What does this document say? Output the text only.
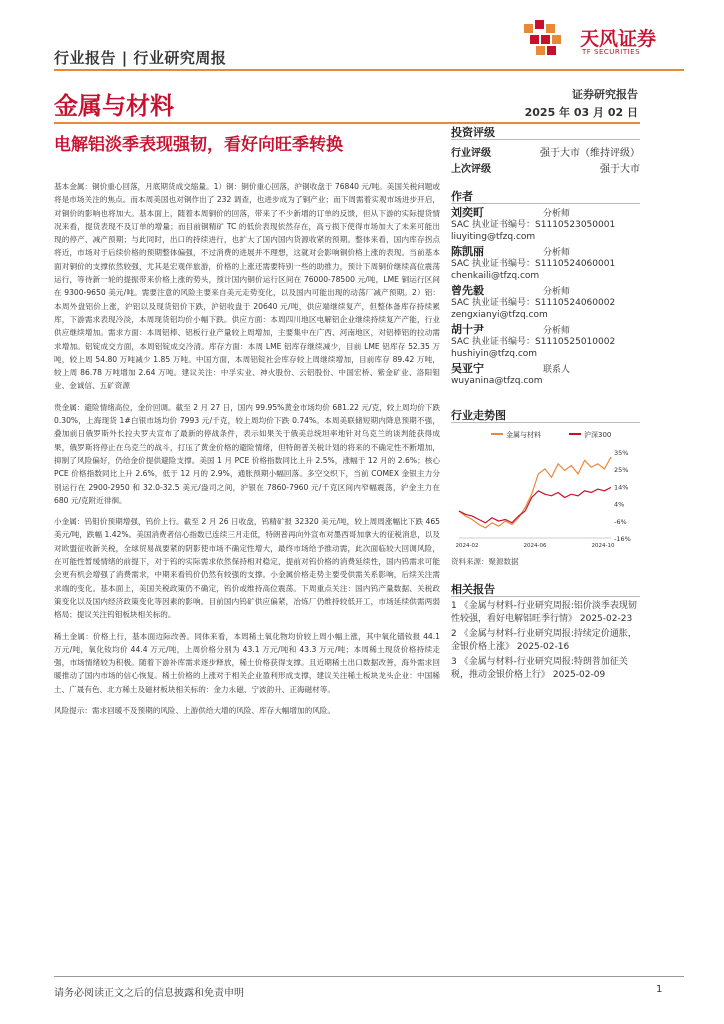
行业报告 | 行业研究周报
天风证券
TF SECURITIES
金属与材料	证券研究报告
2025 年 03 月 02 日
电解铝淡季表现强韧，看好向旺季转换
投资评级
行业评级	强于大市（维持评级）
上次评级	强于大市
作者
刘奕町	分析师
SAC 执业证书编号：S1110523050001
liuyiting@tfzq.com
陈凯丽	分析师
SAC 执业证书编号：S1110524060001
chenkaili@tfzq.com
曾先毅	分析师
SAC 执业证书编号：S1110524060002
zengxianyi@tfzq.com
胡十尹	分析师
SAC 执业证书编号：S1110525010002
hushiyin@tfzq.com
吴亚宁	联系人
wuyanina@tfzq.com
行业走势图
金属与材料	沪深300
35%
25%
14%
4%
-6%
-16%
2024-02	2024-06	2024-10
资料来源：聚源数据
相关报告
1 《金属与材料-行业研究周报:铝价淡季表现韧性较强，看好电解铝旺季行情》 2025-02-23
2 《金属与材料-行业研究周报:持续定价通胀，金银价格上涨》 2025-02-16
3 《金属与材料-行业研究周报:特朗普加征关税，推动金银价格上行》 2025-02-09

基本金属：铜价重心回落，月底期货成交缩量。1）铜：铜价重心回落，沪铜收盘于 76840 元/吨。美国关税问题或将是市场关注的焦点。而本周美国也对铜作出了 232 调查，也进步成为了铜产业；而下周需着实观市场进步开启，对铜价的影响也将加大。基本面上，随着本周铜价的回落，带来了不少新增的订单的反馈，但从下游的实际提货情况来看，提货表现不及订单的增量；而目前铜精矿 TC 的低价表现依然存在，高亏损下使得市场加大了未来可能出现的停产、减产预期；与此同时，出口的持续进行，也扩大了国内国内货源收紧的预期。整体来看，国内库存拐点将近，市场对于后续价格的预期整体偏强，不过消费的进展并不理想，这就对会影响铜价格上涨的表现。当前基本面对铜价的支撑依然较强，尤其是宏观伴旅游，价格的上涨还需要特别一些的助推力，预计下周铜价继续高位震荡运行，等待新一轮的提振带来价格上涨的势头，预计国内铜价运行区间在 76000-78500 元/吨，LME 铜运行区间在 9300-9650 美元/吨。需要注意的风险主要来自美元走势变化，以及国内可能出现的动荡厂减产预期。2）铝：本周外盘铝价上涨，沪铝以及现货铝价下跌，沪铝收盘于 20640 元/吨，供应端继续复产，但整体备库存持续累库，下游需求表现冷淡，本周现货铝均价小幅下跌。供应方面：本周四川地区电解铝企业继续持续复产产能，行业供应继续增加。需求方面：本周铝棒、铝板行业产量较上周增加，主要集中在广西、河南地区，对铝棒铝的拉动需求增加。铝锭成交方面，本周铝锭成交冷清。库存方面：本周 LME 铝库存继续减少，目前 LME 铝库存 52.35 万吨，较上周 54.80 万吨减少 1.85 万吨。中国方面，本周铝锭社会库存较上周继续增加，目前库存 89.42 万吨，较上周 86.78 万吨增加 2.64 万吨。建议关注：中孚实业、神火股份、云铝股份、中国宏桥、紫金矿业、洛阳钼业、金诚信、五矿资源

贵金属：避险情绪高位，金价回调。截至 2 月 27 日，国内 99.95%黄金市场均价 681.22 元/克，较上周均价下跌 0.30%，上海现货 1#白银市场均价 7993 元/千克，较上周均价下跌 0.74%。本周美联储短期内降息预期不强，叠加前日俄罗斯外长拉夫罗夫宣布了最新的停战条件，表示如果关于俄美总统坦率地针对乌克兰的谈判能获得成果，俄罗斯将停止在乌克兰的战斗，打压了黄金价格的避险情绪，但特朗普关税计划的将来的不确定性不断增加，抑制了风险偏好，仍给金价提供避险支撑。美国 1 月 PCE 价格指数同比上升 2.5%，涨幅于 12 月的 2.6%；核心 PCE 价格指数同比上升 2.6%，低于 12 月的 2.9%，通胀预期小幅回落。多空交织下，当前 COMEX 金银主力分别运行在 2900-2950 和 32.0-32.5 美元/盎司之间，沪银在 7860-7960 元/千克区间内窄幅震荡，沪金主力在 680 元/克附近徘徊。

小金属：钨钼价预期增强，钨价上行。截至 2 月 26 日收盘，钨精矿报 32320 美元/吨，较上周周涨幅比下跌 465 美元/吨，跌幅 1.42%。美国消费者信心指数已连续三月走低，特朗普再向外宣布对墨西哥加拿大的征税消息，以及对欧盟征收新关税，全球贸易战要紧的阴影使市场不确定性增大，最终市场给予推动需，此次面临较大回调风险，在可能性暂缓情绪的前提下，对于钨的实际需求依然保持相对稳定，提前对钨价格的消费延续性，国内钨需求可能会更有机会增强了消费需求，中期来看钨价仍然有较强的支撑。小金属价格走势主要受供需关系影响，后续关注需求端的变化。基本面上，美国关税政策仍不确定，钨价或维持高位震荡。下周重点关注：国内钨产量数据、关税政策变化以及国内经济政策变化等因素的影响。目前国内钨矿供应偏紧，冶炼厂仍维持较低开工，市场延续供需两弱格局；提议关注钨钼板块相关标的。

稀土金属：价格上行，基本面边际改善。同体来看，本周稀土氧化物均价较上周小幅上涨，其中氧化镨钕报 44.1 万元/吨，氧化钕均价 44.4 万元/吨，上周价格分别为 43.1 万元/吨和 43.3 万元/吨；本周稀土现货价格持续走强，市场情绪较为积极。随着下游补库需求逐步释放，稀土价格获得支撑。且近期稀土出口数据改善，海外需求回暖推动了国内市场的信心恢复。稀土价格的上涨对于相关企业盈利形成支撑，建议关注稀土板块龙头企业：中国稀土、广晟有色、北方稀土及磁材板块相关标的：金力永磁、宁波韵升、正海磁材等。

风险提示：需求回暖不及预期的风险、上游供给大增的风险、库存大幅增加的风险。

请务必阅读正文之后的信息披露和免责申明	1
